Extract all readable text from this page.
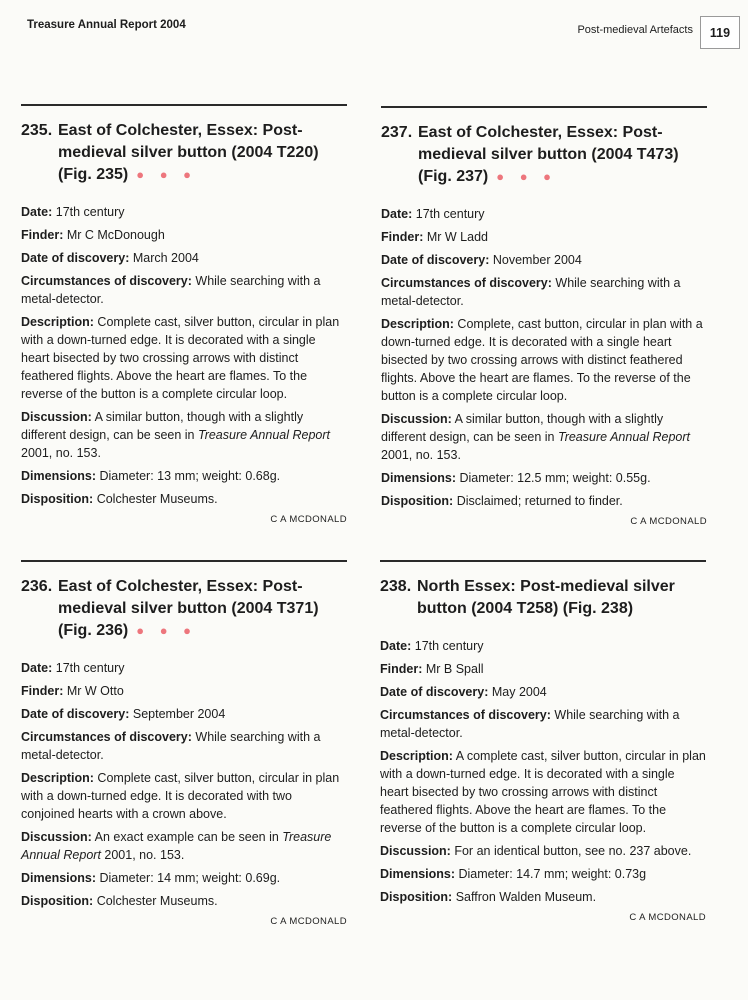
Treasure Annual Report 2004	Post-medieval Artefacts	119
235. East of Colchester, Essex: Post-medieval silver button (2004 T220) (Fig. 235) ● ● ●

Date: 17th century

Finder: Mr C McDonough

Date of discovery: March 2004

Circumstances of discovery: While searching with a metal-detector.

Description: Complete cast, silver button, circular in plan with a down-turned edge. It is decorated with a single heart bisected by two crossing arrows with distinct feathered flights. Above the heart are flames. To the reverse of the button is a complete circular loop.

Discussion: A similar button, though with a slightly different design, can be seen in Treasure Annual Report 2001, no. 153.

Dimensions: Diameter: 13 mm; weight: 0.68g.

Disposition: Colchester Museums.

C A MCDONALD
236. East of Colchester, Essex: Post-medieval silver button (2004 T371) (Fig. 236) ● ● ●

Date: 17th century

Finder: Mr W Otto

Date of discovery: September 2004

Circumstances of discovery: While searching with a metal-detector.

Description: Complete cast, silver button, circular in plan with a down-turned edge. It is decorated with two conjoined hearts with a crown above.

Discussion: An exact example can be seen in Treasure Annual Report 2001, no. 153.

Dimensions: Diameter: 14 mm; weight: 0.69g.

Disposition: Colchester Museums.

C A MCDONALD
237. East of Colchester, Essex: Post-medieval silver button (2004 T473) (Fig. 237) ● ● ●

Date: 17th century

Finder: Mr W Ladd

Date of discovery: November 2004

Circumstances of discovery: While searching with a metal-detector.

Description: Complete, cast button, circular in plan with a down-turned edge. It is decorated with a single heart bisected by two crossing arrows with distinct feathered flights. Above the heart are flames. To the reverse of the button is a complete circular loop.

Discussion: A similar button, though with a slightly different design, can be seen in Treasure Annual Report 2001, no. 153.

Dimensions: Diameter: 12.5 mm; weight: 0.55g.

Disposition: Disclaimed; returned to finder.

C A MCDONALD
238. North Essex: Post-medieval silver button (2004 T258) (Fig. 238)

Date: 17th century

Finder: Mr B Spall

Date of discovery: May 2004

Circumstances of discovery: While searching with a metal-detector.

Description: A complete cast, silver button, circular in plan with a down-turned edge. It is decorated with a single heart bisected by two crossing arrows with distinct feathered flights. Above the heart are flames. To the reverse of the button is a complete circular loop.

Discussion: For an identical button, see no. 237 above.

Dimensions: Diameter: 14.7 mm; weight: 0.73g

Disposition: Saffron Walden Museum.

C A MCDONALD
